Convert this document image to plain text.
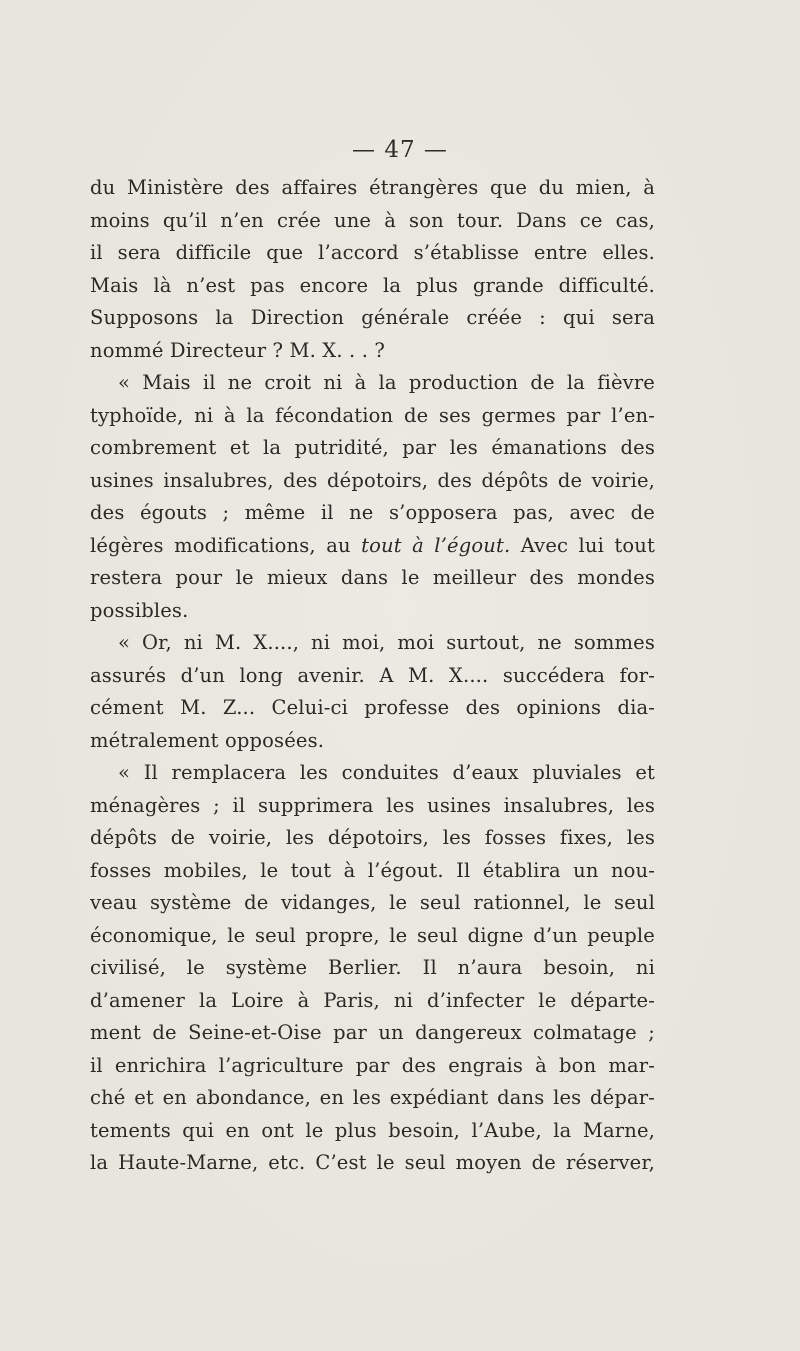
— 47 —
du Ministère des affaires étrangères que du mien, à
moins qu’il n’en crée une à son tour. Dans ce cas,
il sera difficile que l’accord s’établisse entre elles.
Mais là n’est pas encore la plus grande difficulté.
Supposons la Direction générale créée : qui sera
nommé Directeur ? M. X. . . ?
« Mais il ne croit ni à la production de la fièvre
typhoïde, ni à la fécondation de ses germes par l’en-
combrement et la putridité, par les émanations des
usines insalubres, des dépotoirs, des dépôts de voirie,
des égouts ; même il ne s’opposera pas, avec de
légères modifications, au tout à l’égout. Avec lui tout
restera pour le mieux dans le meilleur des mondes
possibles.
« Or, ni M. X...., ni moi, moi surtout, ne sommes
assurés d’un long avenir. A M. X.... succédera for-
cément M. Z... Celui-ci professe des opinions dia-
métralement opposées.
« Il remplacera les conduites d’eaux pluviales et
ménagères ; il supprimera les usines insalubres, les
dépôts de voirie, les dépotoirs, les fosses fixes, les
fosses mobiles, le tout à l’égout. Il établira un nou-
veau système de vidanges, le seul rationnel, le seul
économique, le seul propre, le seul digne d’un peuple
civilisé, le système Berlier. Il n’aura besoin, ni
d’amener la Loire à Paris, ni d’infecter le départe-
ment de Seine-et-Oise par un dangereux colmatage ;
il enrichira l’agriculture par des engrais à bon mar-
ché et en abondance, en les expédiant dans les dépar-
tements qui en ont le plus besoin, l’Aube, la Marne,
la Haute-Marne, etc. C’est le seul moyen de réserver,
